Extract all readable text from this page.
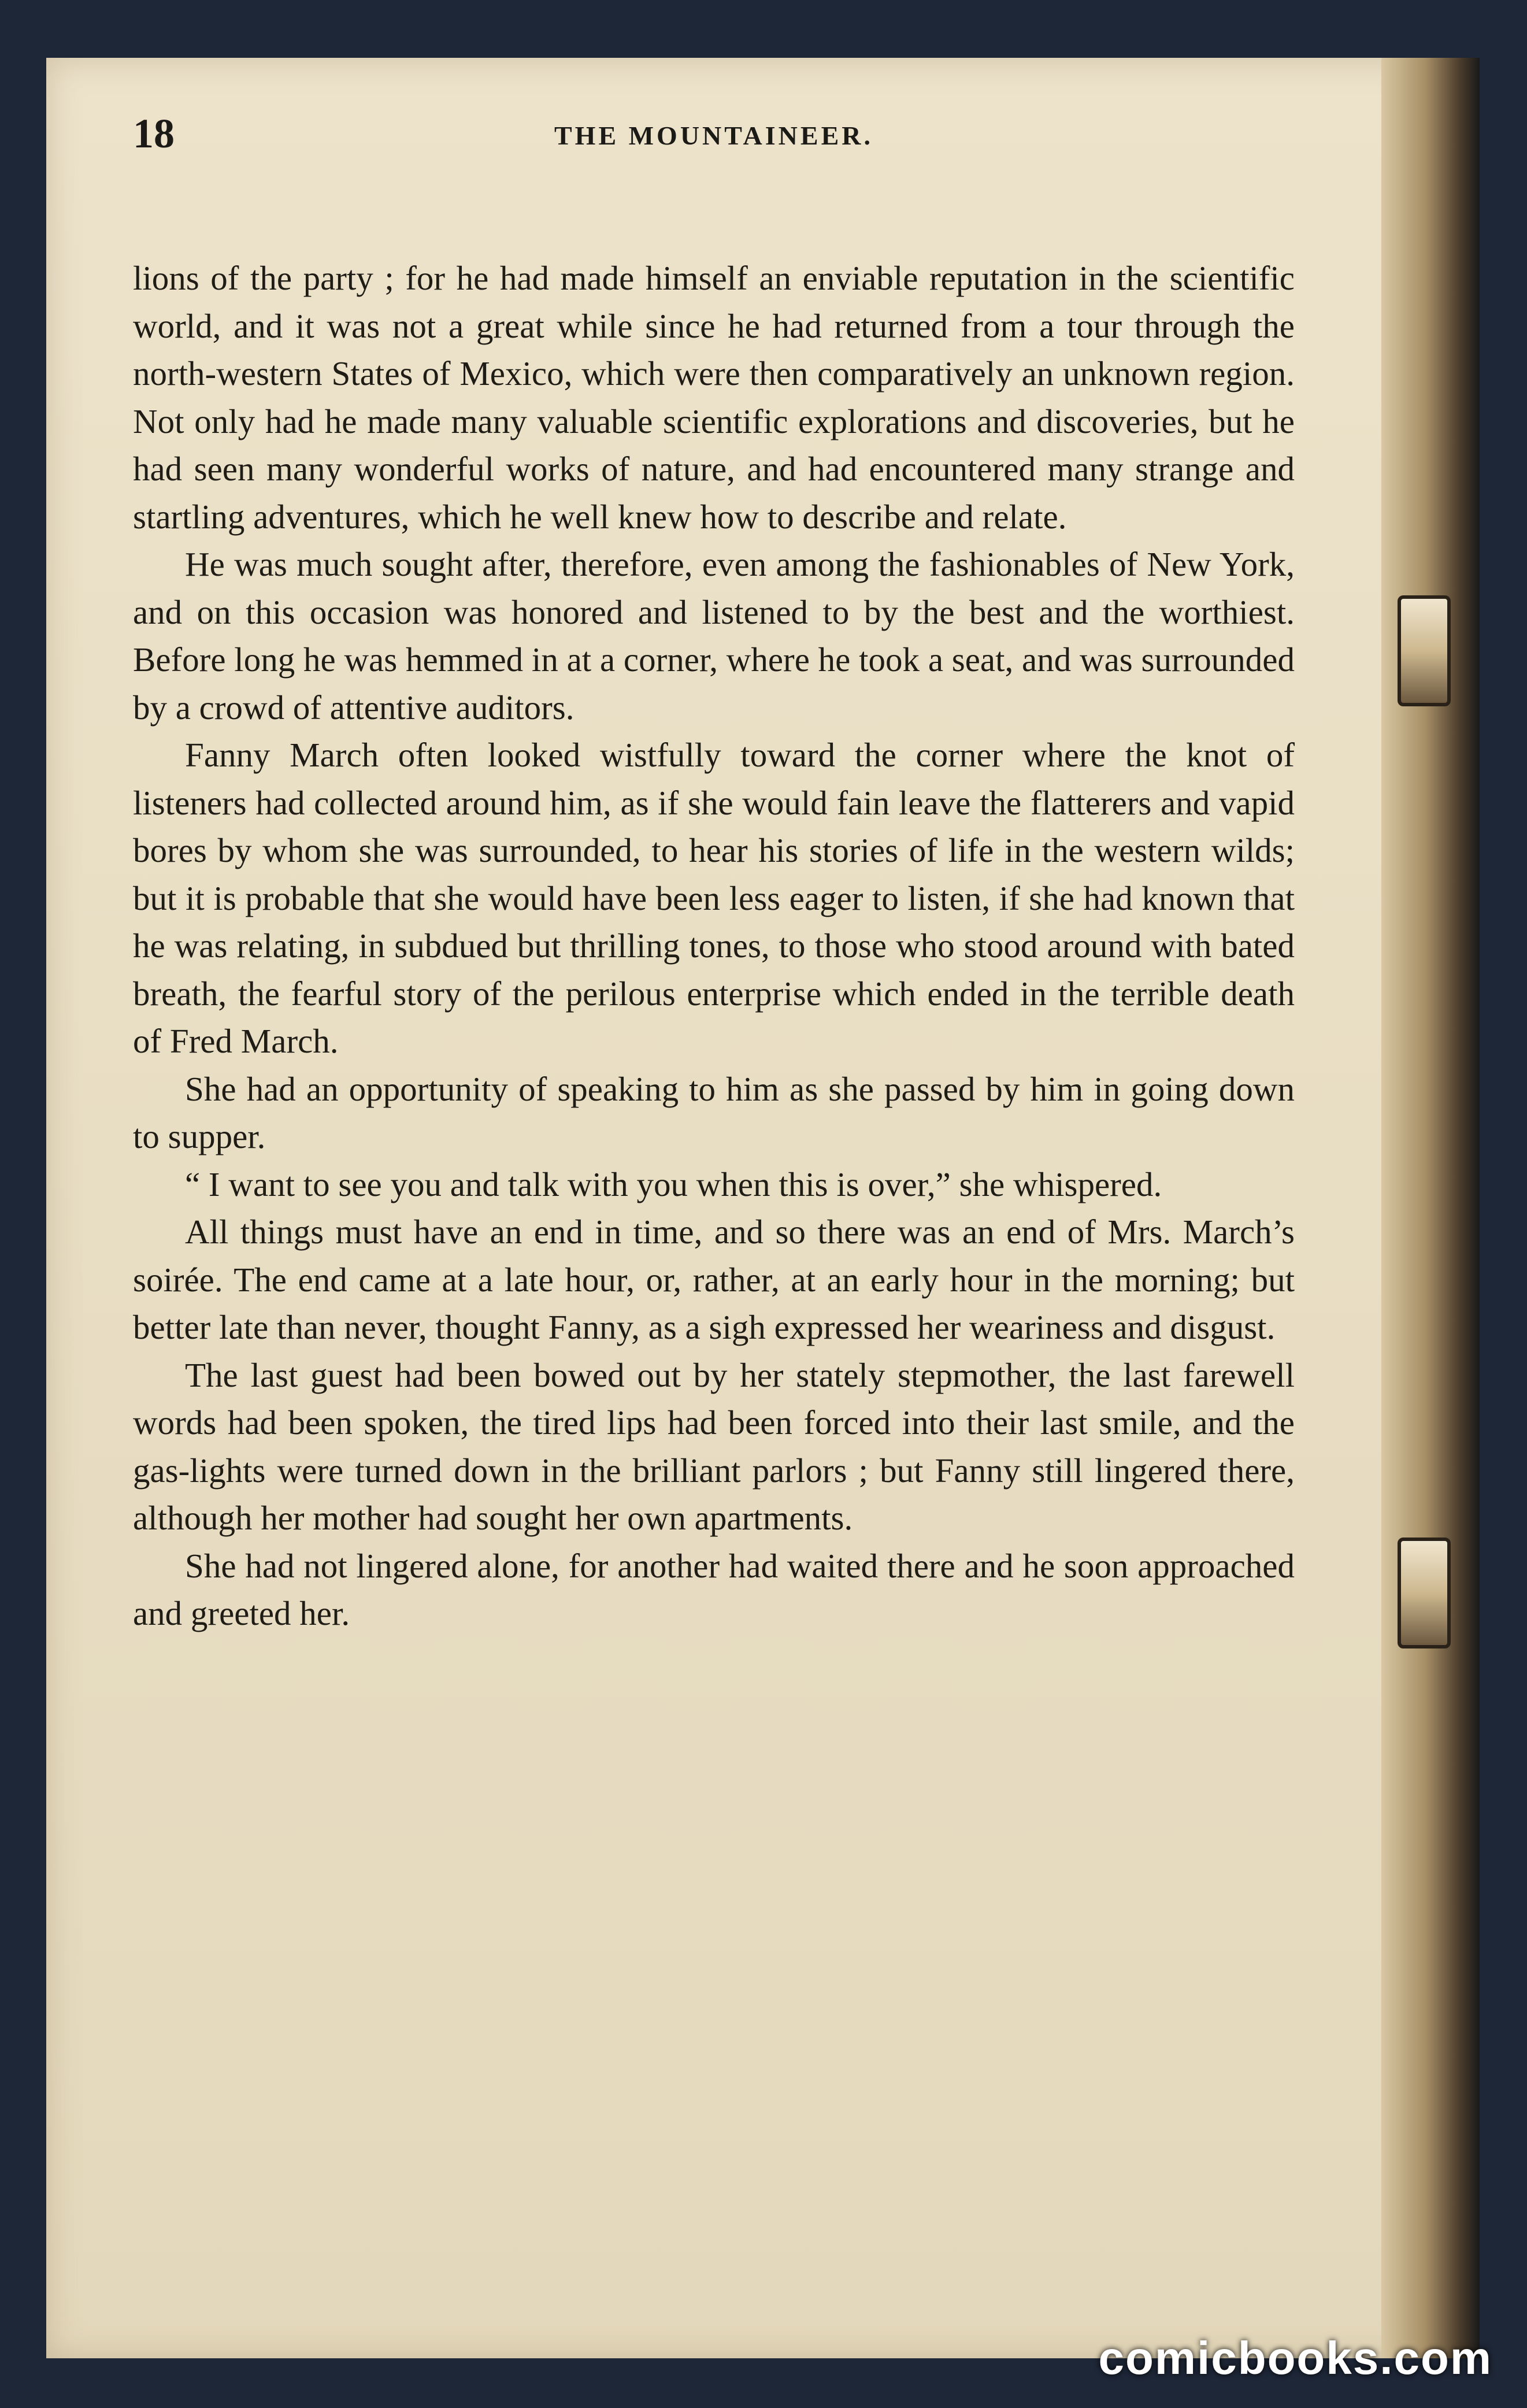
18	THE MOUNTAINEER.

lions of the party ; for he had made himself an enviable reputation in the scientific world, and it was not a great while since he had returned from a tour through the north-western States of Mexico, which were then comparatively an unknown region. Not only had he made many valuable scientific explorations and discoveries, but he had seen many wonderful works of nature, and had encountered many strange and startling adventures, which he well knew how to describe and relate.

He was much sought after, therefore, even among the fashionables of New York, and on this occasion was honored and listened to by the best and the worthiest. Before long he was hemmed in at a corner, where he took a seat, and was surrounded by a crowd of attentive auditors.

Fanny March often looked wistfully toward the corner where the knot of listeners had collected around him, as if she would fain leave the flatterers and vapid bores by whom she was surrounded, to hear his stories of life in the western wilds; but it is probable that she would have been less eager to listen, if she had known that he was relating, in subdued but thrilling tones, to those who stood around with bated breath, the fearful story of the perilous enterprise which ended in the terrible death of Fred March.

She had an opportunity of speaking to him as she passed by him in going down to supper.

“ I want to see you and talk with you when this is over,” she whispered.

All things must have an end in time, and so there was an end of Mrs. March’s soirée. The end came at a late hour, or, rather, at an early hour in the morning; but better late than never, thought Fanny, as a sigh expressed her weariness and disgust.

The last guest had been bowed out by her stately stepmother, the last farewell words had been spoken, the tired lips had been forced into their last smile, and the gas-lights were turned down in the brilliant parlors ; but Fanny still lingered there, although her mother had sought her own apartments.

She had not lingered alone, for another had waited there and he soon approached and greeted her.

comicbooks.com
